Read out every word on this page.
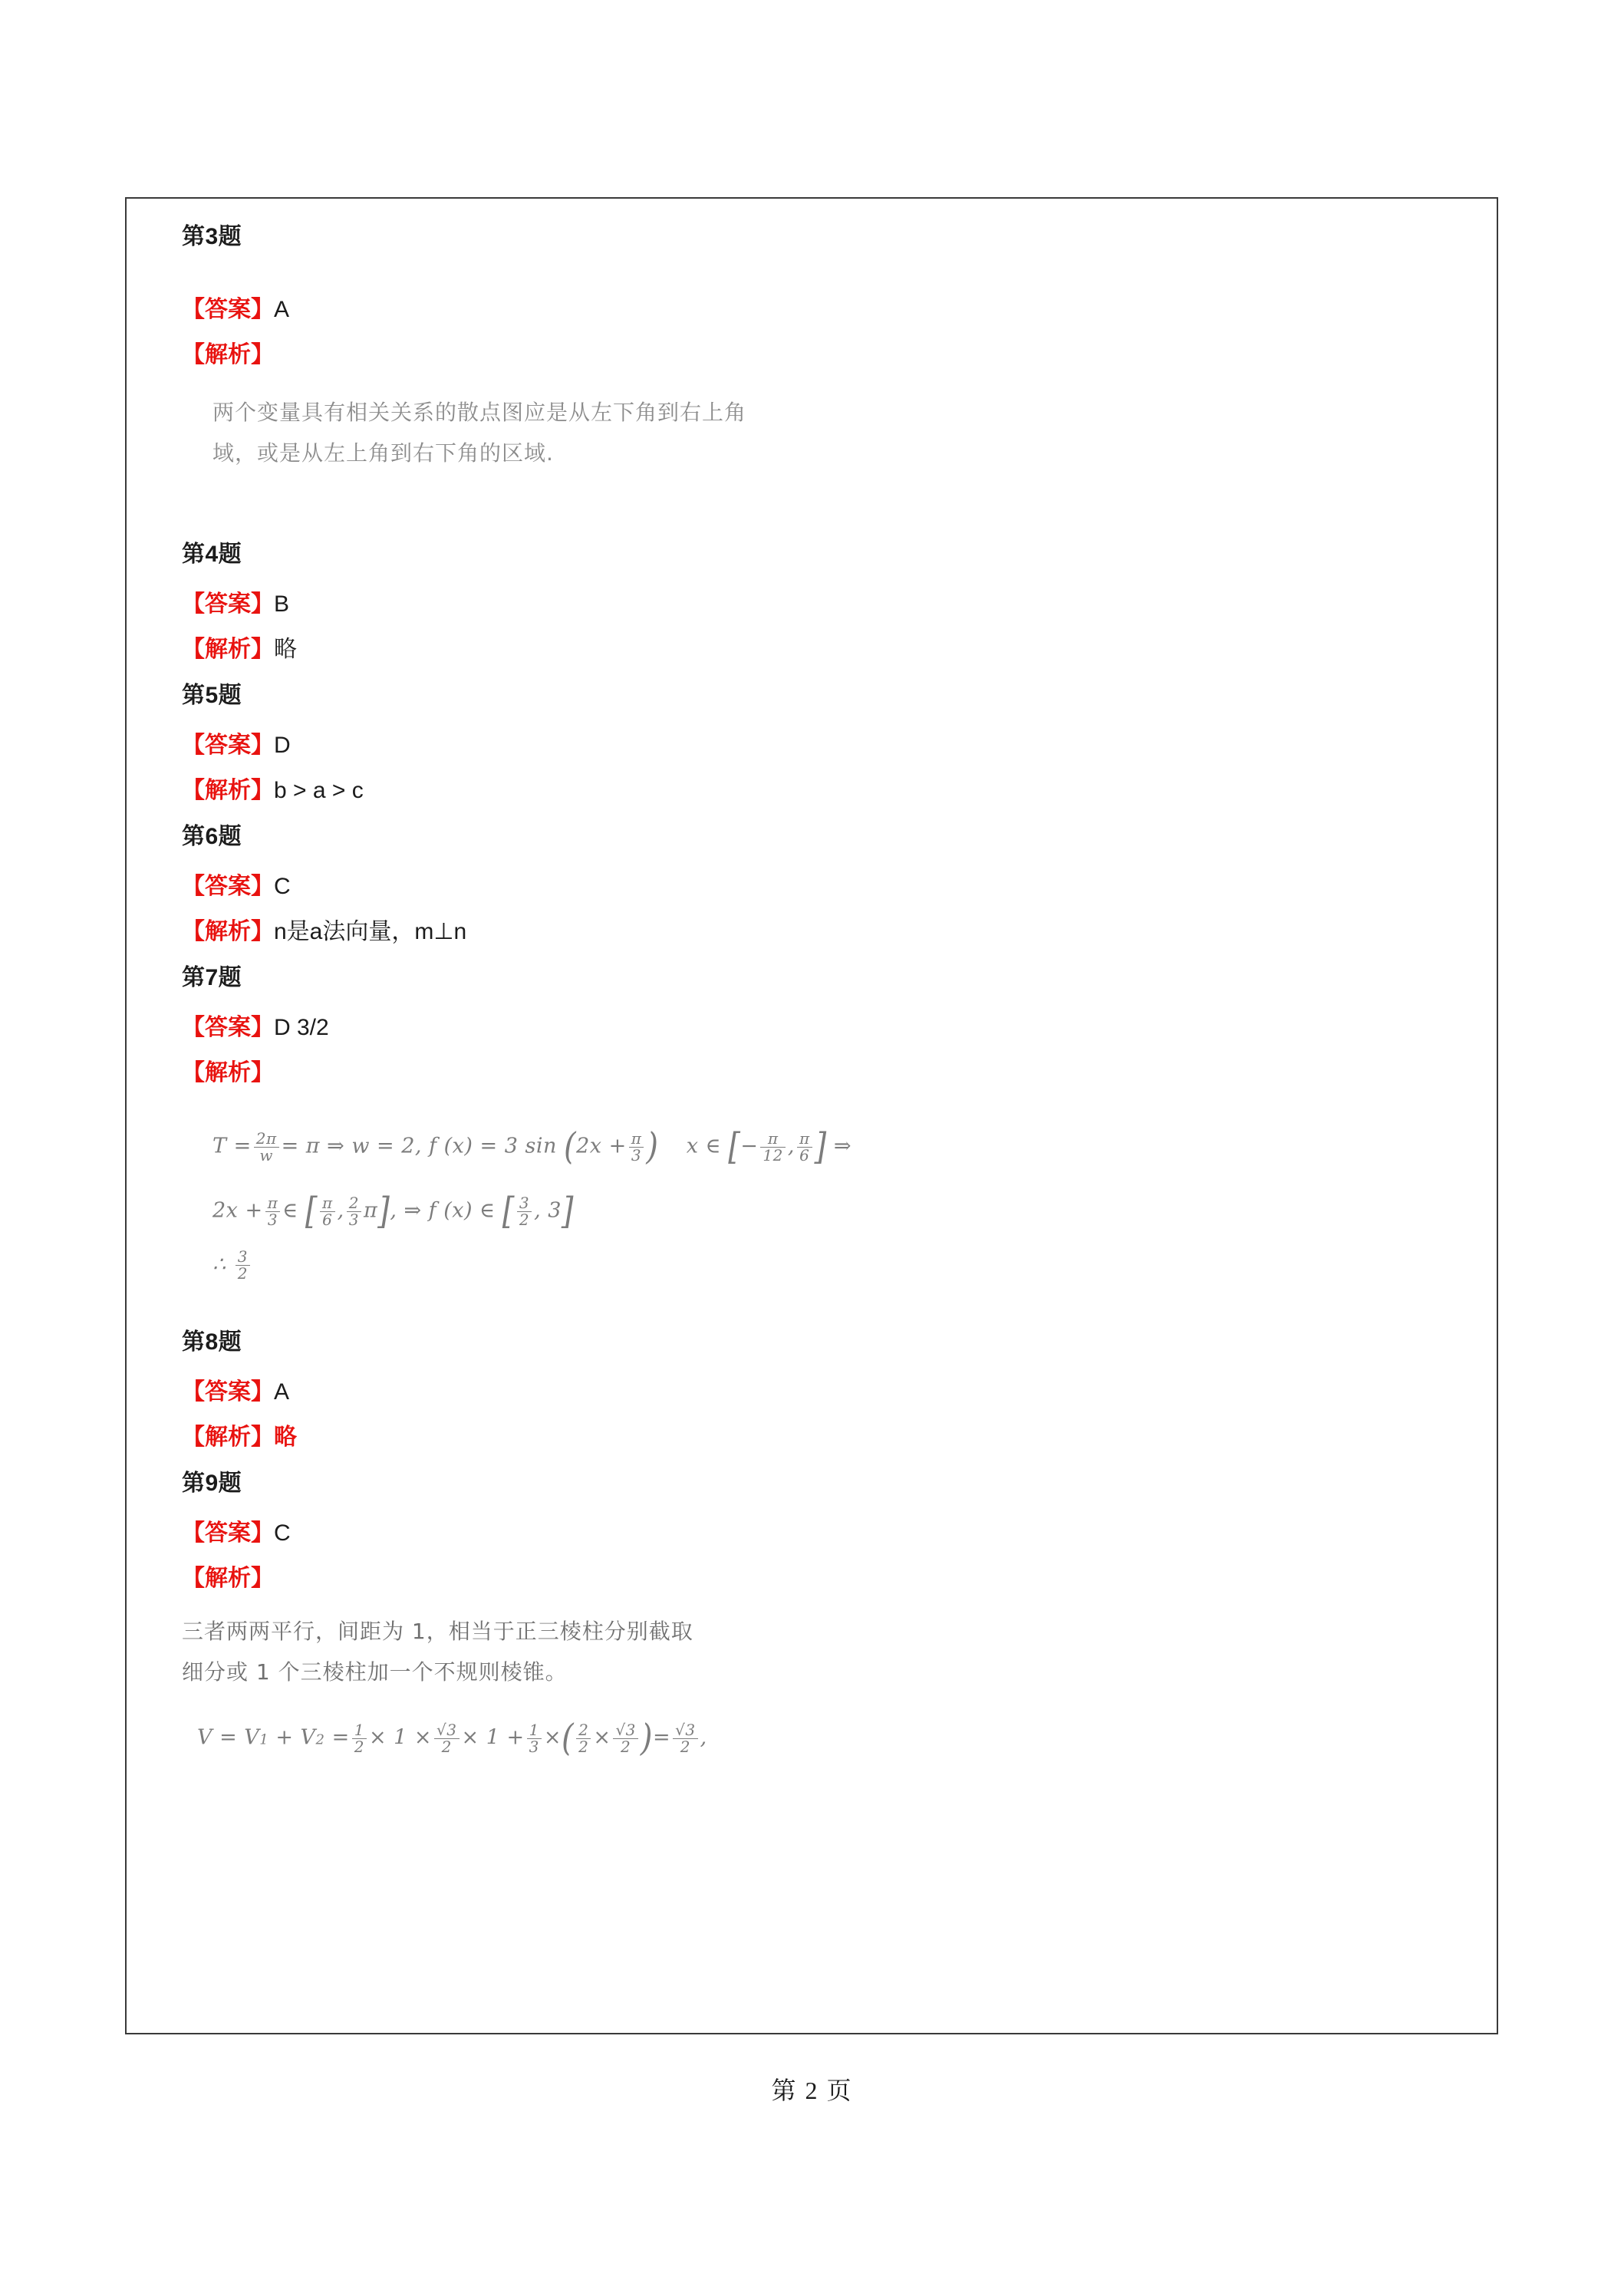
第3题
【答案】A
【解析】
两个变量具有相关关系的散点图应是从左下角到右上角
域，或是从左上角到右下角的区域.
第4题
【答案】B
【解析】略
第5题
【答案】D
【解析】b > a > c
第6题
【答案】C
【解析】n是a法向量，m⊥n
第7题
【答案】D 3/2
【解析】
$T = \frac{2\pi}{w} = \pi$ ⇒ w = 2, f (x) = 3 $\sin (2x + \frac{\pi}{3}$ )    x ∈ [− $\frac{\pi}{12}$ , $\frac{\pi}{6}$ ] ⇒
$2x + \frac{\pi}{3}$ ∈ [ $\frac{\pi}{6}$ , $\frac{2}{3} \pi$], ⇒ f (x) ∈ [ $\frac{3}{2}$ , 3]
∴ $\frac{3}{2}$
第8题
【答案】A
【解析】略
第9题
【答案】C
【解析】
三者两两平行，间距为 1，相当于正三棱柱分别截取
细分或 1 个三棱柱加一个不规则棱锥。
$V = V1 + V2 = \frac{1}{2} \times 1 \times \frac{√3}{2} \times 1 + \frac{1}{3}$ ×( $\frac{2}{2} \times \frac{√3}{2}$ )= $\frac{√3}{2}$ ,
第 2 页
